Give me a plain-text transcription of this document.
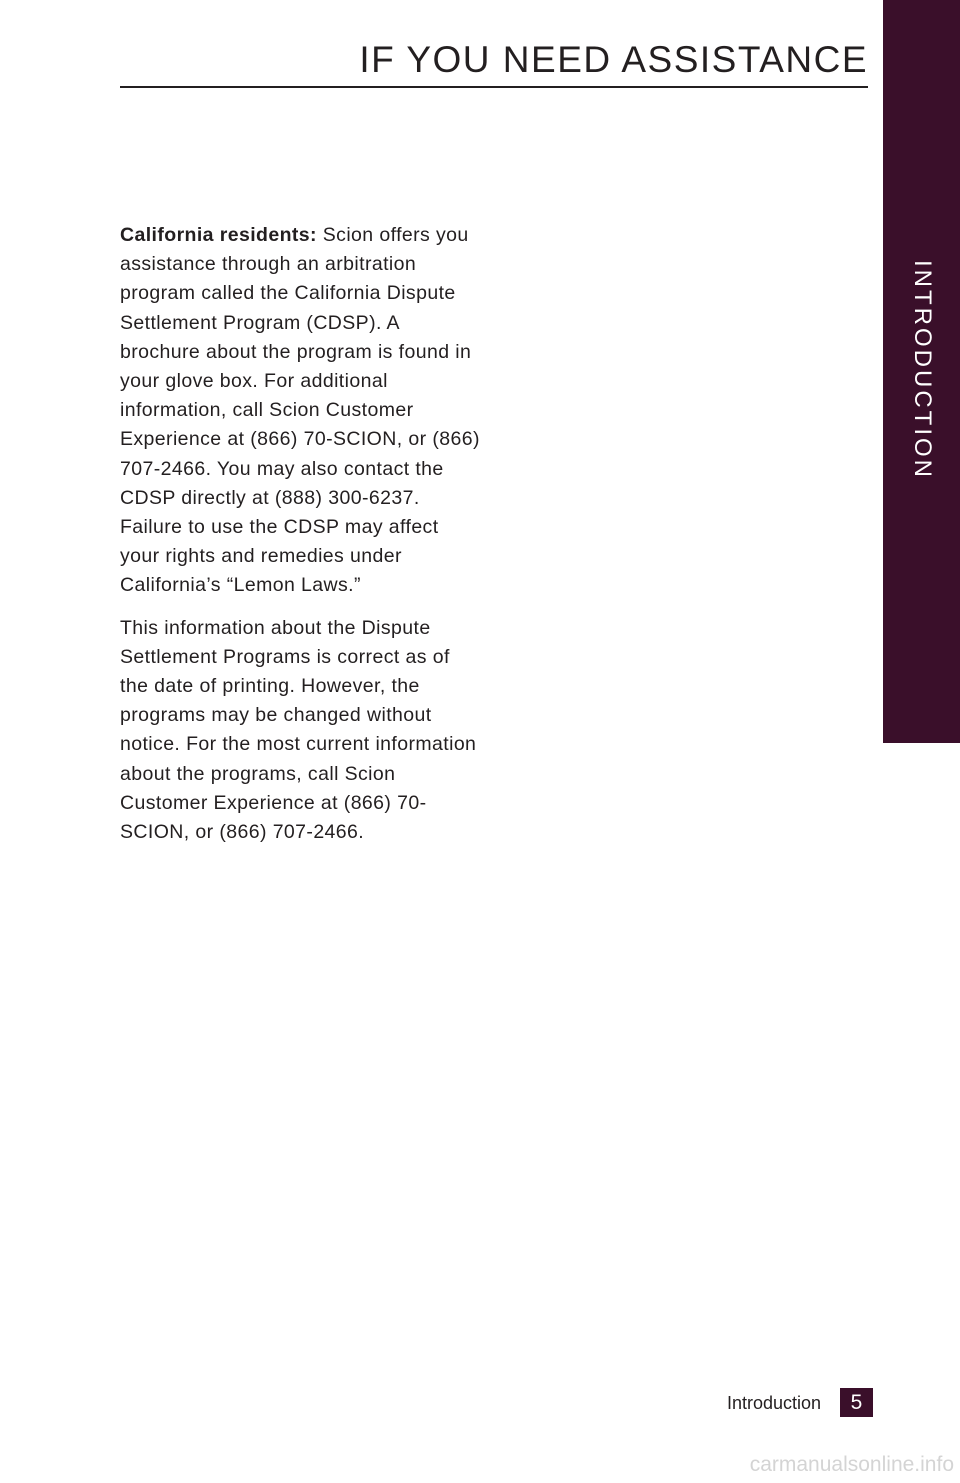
IF YOU NEED ASSISTANCE
INTRODUCTION

California residents: Scion offers you assistance through an arbitration program called the California Dispute Settlement Program (CDSP). A brochure about the program is found in your glove box. For additional information, call Scion Customer Experience at (866) 70-SCION, or (866) 707-2466. You may also contact the CDSP directly at (888) 300-6237. Failure to use the CDSP may affect your rights and remedies under California’s “Lemon Laws.”

This information about the Dispute Settlement Programs is correct as of the date of printing. However, the programs may be changed without notice. For the most current information about the programs, call Scion Customer Experience at (866) 70-SCION, or (866) 707-2466.

Introduction	5
carmanualsonline.info
